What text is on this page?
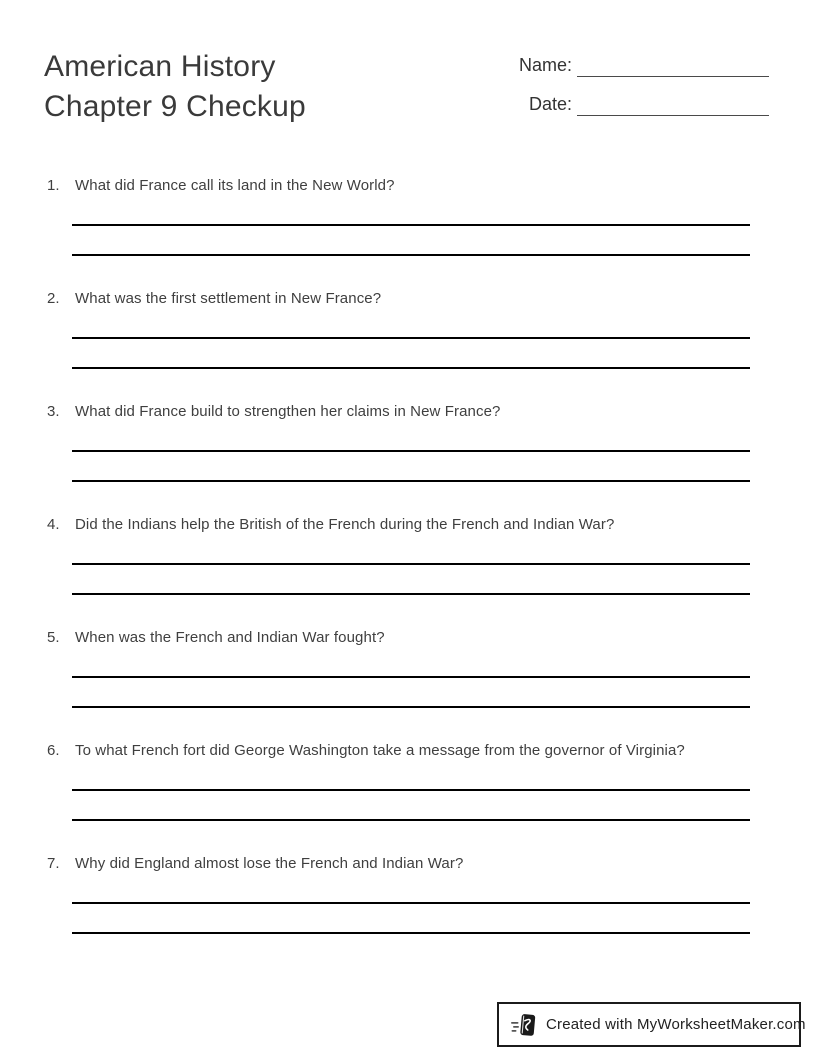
American History
Chapter 9 Checkup
Name:
Date:
1.	What did France call its land in the New World?
2.	What was the first settlement in New France?
3.	What did France build to strengthen her claims in New France?
4.	Did the Indians help the British of the French during the French and Indian War?
5.	When was the French and Indian War fought?
6.	To what French fort did George Washington take a message from the governor of Virginia?
7.	Why did England almost lose the French and Indian War?
Created with MyWorksheetMaker.com
